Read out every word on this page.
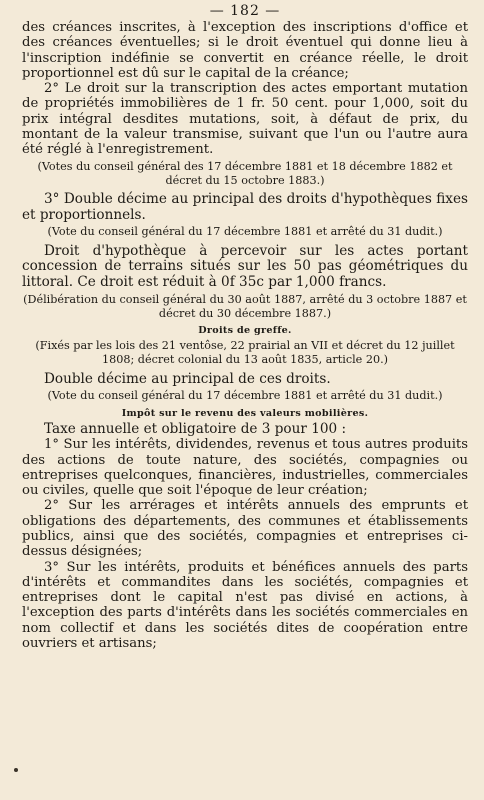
— 182 —

des créances inscrites, à l'exception des inscriptions d'office et des créances éventuelles; si le droit éventuel qui donne lieu à l'inscription indéfinie se convertit en créance réelle, le droit proportionnel est dû sur le capital de la créance;

2° Le droit sur la transcription des actes emportant mutation de propriétés immobilières de 1 fr. 50 cent. pour 1,000, soit du prix intégral desdites mutations, soit, à défaut de prix, du montant de la valeur transmise, suivant que l'un ou l'autre aura été réglé à l'enregistrement.

(Votes du conseil général des 17 décembre 1881 et 18 décembre 1882 et décret du 15 octobre 1883.)

3° Double décime au principal des droits d'hypothèques fixes et proportionnels.

(Vote du conseil général du 17 décembre 1881 et arrêté du 31 dudit.)

Droit d'hypothèque à percevoir sur les actes portant concession de terrains situés sur les 50 pas géométriques du littoral. Ce droit est réduit à 0f 35c par 1,000 francs.

(Délibération du conseil général du 30 août 1887, arrêté du 3 octobre 1887 et décret du 30 décembre 1887.)

Droits de greffe.

(Fixés par les lois des 21 ventôse, 22 prairial an VII et décret du 12 juillet 1808; décret colonial du 13 août 1835, article 20.)

Double décime au principal de ces droits.

(Vote du conseil général du 17 décembre 1881 et arrêté du 31 dudit.)

Impôt sur le revenu des valeurs mobilières.

Taxe annuelle et obligatoire de 3 pour 100 :

1° Sur les intérêts, dividendes, revenus et tous autres produits des actions de toute nature, des sociétés, compagnies ou entreprises quelconques, financières, industrielles, commerciales ou civiles, quelle que soit l'époque de leur création;

2° Sur les arrérages et intérêts annuels des emprunts et obligations des départements, des communes et établissements publics, ainsi que des sociétés, compagnies et entreprises ci-dessus désignées;

3° Sur les intérêts, produits et bénéfices annuels des parts d'intérêts et commandites dans les sociétés, compagnies et entreprises dont le capital n'est pas divisé en actions, à l'exception des parts d'intérêts dans les sociétés commerciales en nom collectif et dans les sociétés dites de coopération entre ouvriers et artisans;
